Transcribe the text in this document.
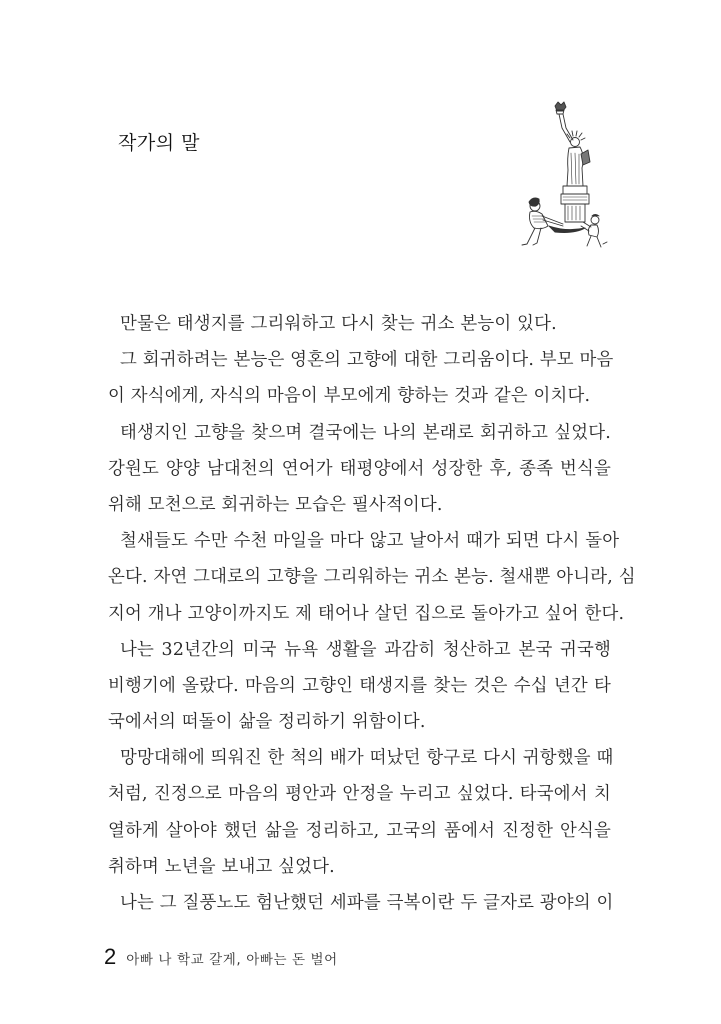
작가의 말
만물은 태생지를 그리워하고 다시 찾는 귀소 본능이 있다.
그 회귀하려는 본능은 영혼의 고향에 대한 그리움이다. 부모 마음
이 자식에게, 자식의 마음이 부모에게 향하는 것과 같은 이치다.
태생지인 고향을 찾으며 결국에는 나의 본래로 회귀하고 싶었다.
강원도 양양 남대천의 연어가 태평양에서 성장한 후, 종족 번식을
위해 모천으로 회귀하는 모습은 필사적이다.
철새들도 수만 수천 마일을 마다 않고 날아서 때가 되면 다시 돌아
온다. 자연 그대로의 고향을 그리워하는 귀소 본능. 철새뿐 아니라, 심
지어 개나 고양이까지도 제 태어나 살던 집으로 돌아가고 싶어 한다.
나는 32년간의 미국 뉴욕 생활을 과감히 청산하고 본국 귀국행
비행기에 올랐다. 마음의 고향인 태생지를 찾는 것은 수십 년간 타
국에서의 떠돌이 삶을 정리하기 위함이다.
망망대해에 띄워진 한 척의 배가 떠났던 항구로 다시 귀항했을 때
처럼, 진정으로 마음의 평안과 안정을 누리고 싶었다. 타국에서 치
열하게 살아야 했던 삶을 정리하고, 고국의 품에서 진정한 안식을
취하며 노년을 보내고 싶었다.
나는 그 질풍노도 험난했던 세파를 극복이란 두 글자로 광야의 이
2 아빠 나 학교 갈게, 아빠는 돈 벌어
